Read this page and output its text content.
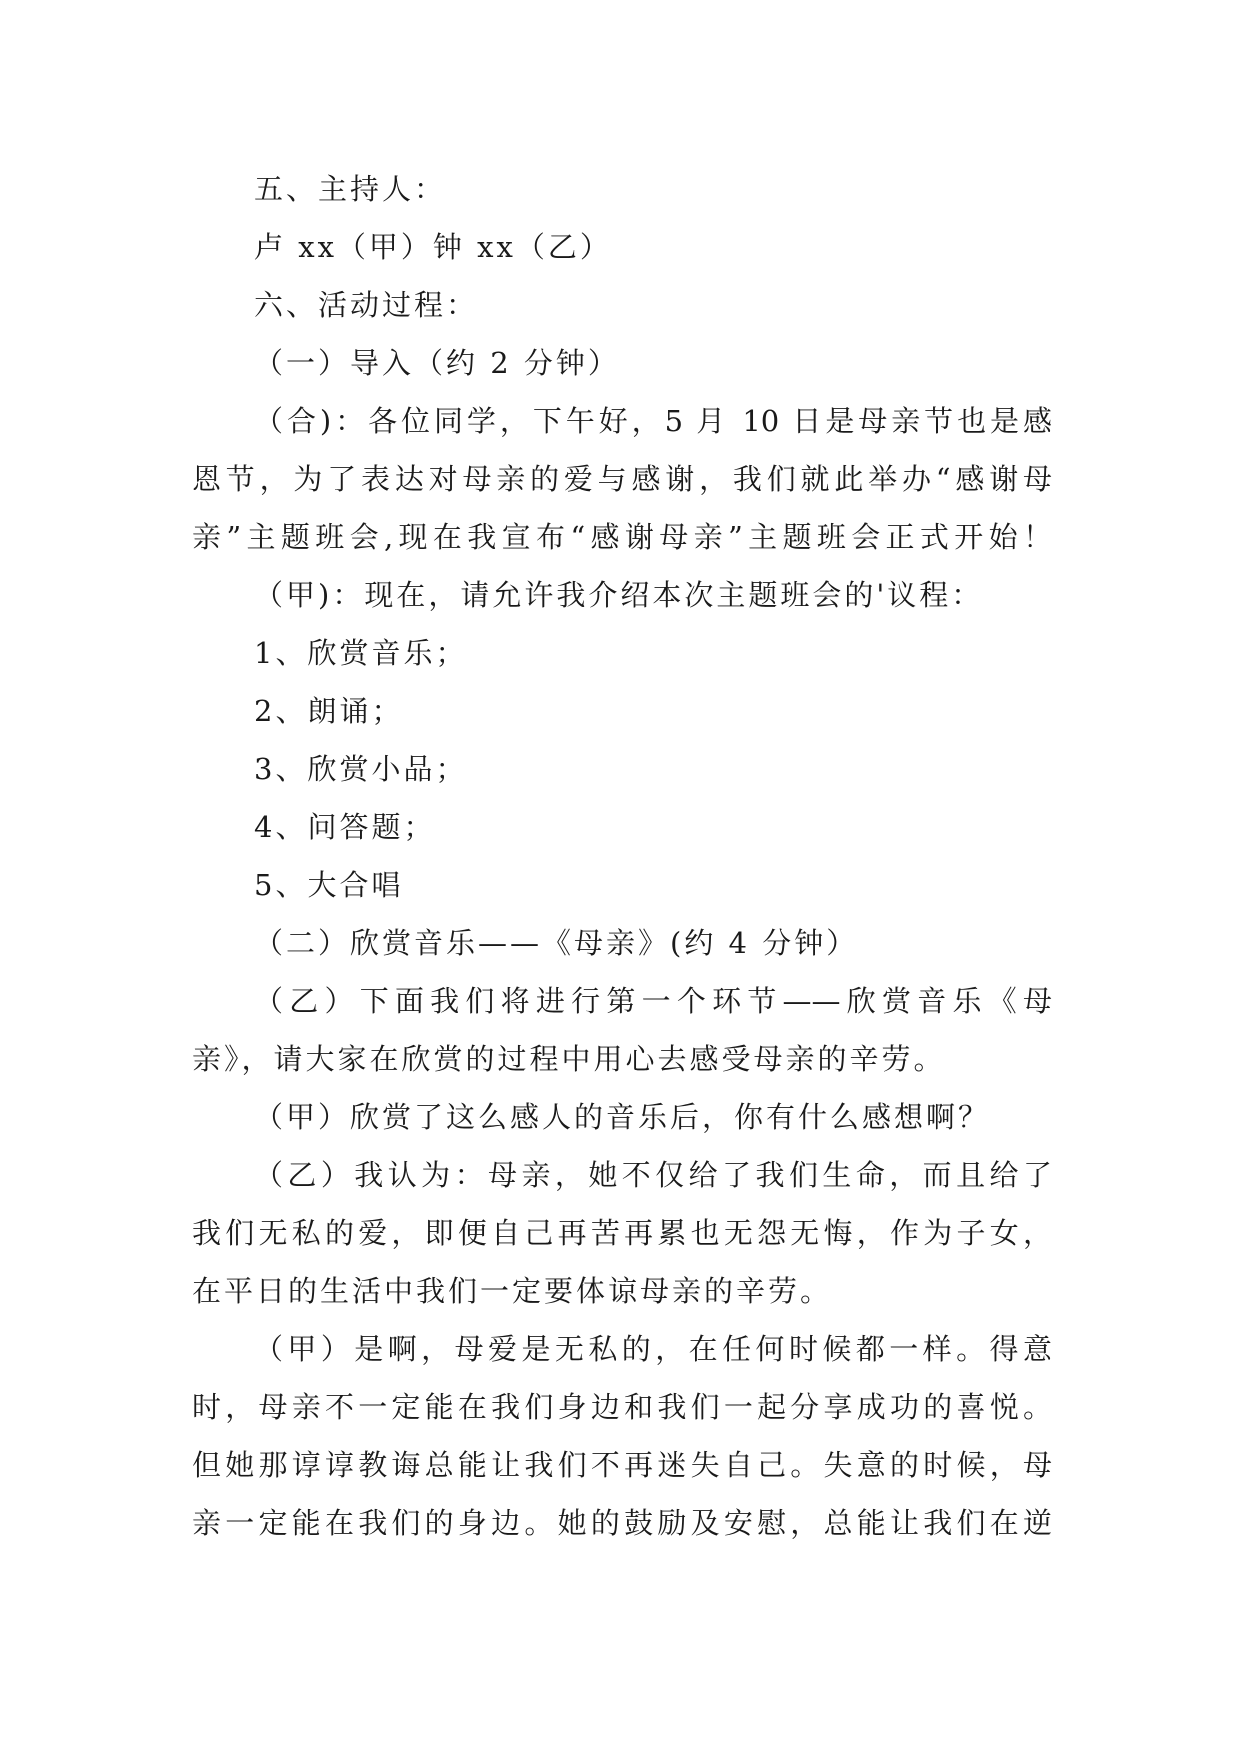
五、主持人：
卢 xx（甲）钟 xx（乙）
六、活动过程：
（一）导入（约 2 分钟）
（合)：各位同学，下午好，5 月 10 日是母亲节也是感
恩节，为了表达对母亲的爱与感谢，我们就此举办“感谢母
亲”主题班会,现在我宣布“感谢母亲”主题班会正式开始！
（甲)：现在，请允许我介绍本次主题班会的'议程：
1、欣赏音乐；
2、朗诵；
3、欣赏小品；
4、问答题；
5、大合唱
（二）欣赏音乐——《母亲》(约 4 分钟）
（乙）下面我们将进行第一个环节——欣赏音乐《母
亲》，请大家在欣赏的过程中用心去感受母亲的辛劳。
（甲）欣赏了这么感人的音乐后，你有什么感想啊？
（乙）我认为：母亲，她不仅给了我们生命，而且给了
我们无私的爱，即便自己再苦再累也无怨无悔，作为子女，
在平日的生活中我们一定要体谅母亲的辛劳。
（甲）是啊，母爱是无私的，在任何时候都一样。得意
时，母亲不一定能在我们身边和我们一起分享成功的喜悦。
但她那谆谆教诲总能让我们不再迷失自己。失意的时候，母
亲一定能在我们的身边。她的鼓励及安慰，总能让我们在逆
